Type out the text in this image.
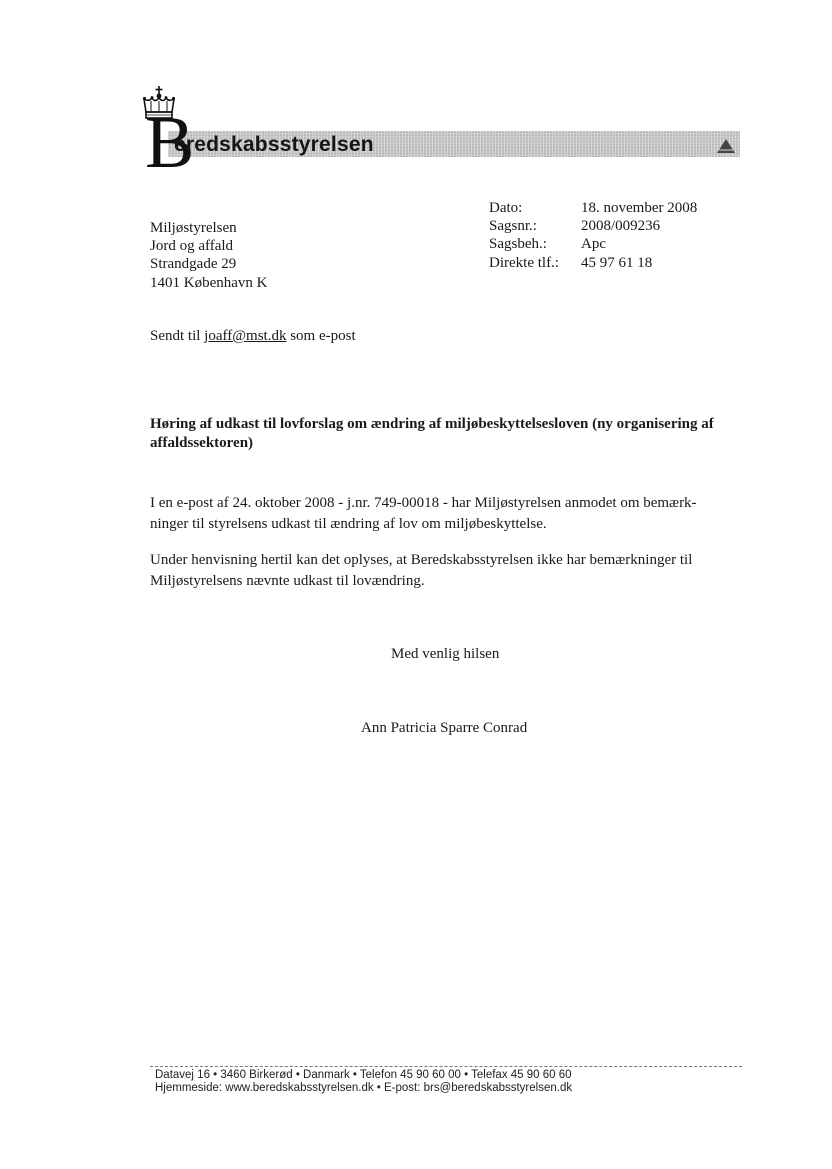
B
eredskabsstyrelsen
Dato:	18. november 2008
Sagsnr.:	2008/009236
Sagsbeh.:	Apc
Direkte tlf.:	45 97 61 18
Miljøstyrelsen
Jord og affald
Strandgade 29
1401 København K
Sendt til joaff@mst.dk som e-post
Høring af udkast til lovforslag om ændring af miljøbeskyttelsesloven (ny organisering af affaldssektoren)
I en e-post af 24. oktober 2008 - j.nr. 749-00018 - har Miljøstyrelsen anmodet om bemærk-
ninger til styrelsens udkast til ændring af lov om miljøbeskyttelse.
Under henvisning hertil kan det oplyses, at Beredskabsstyrelsen ikke har bemærkninger til
Miljøstyrelsens nævnte udkast til lovændring.
Med venlig hilsen
Ann Patricia Sparre Conrad
Datavej 16 • 3460 Birkerød • Danmark • Telefon 45 90 60 00 • Telefax 45 90 60 60
Hjemmeside: www.beredskabsstyrelsen.dk • E-post: brs@beredskabsstyrelsen.dk
